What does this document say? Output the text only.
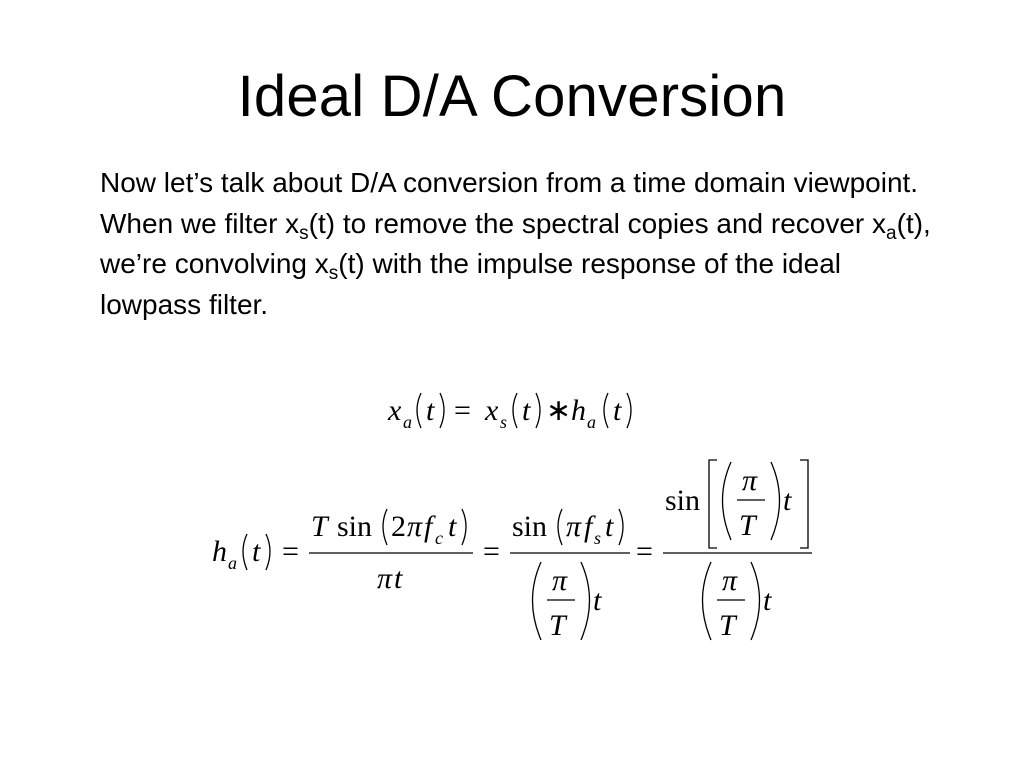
Ideal D/A Conversion

Now let’s talk about D/A conversion from a time domain viewpoint. When we filter $x_s(t)$ to remove the spectral copies and recover $x_a(t)$, we’re convolving $x_s(t)$ with the impulse response of the ideal lowpass filter.

x a t = x s t ∗ h a t
h a t =
T sin 2 π f c t
π t
=
sin π f s t
π
T
t
=
sin
π
T
t
π
T
t
